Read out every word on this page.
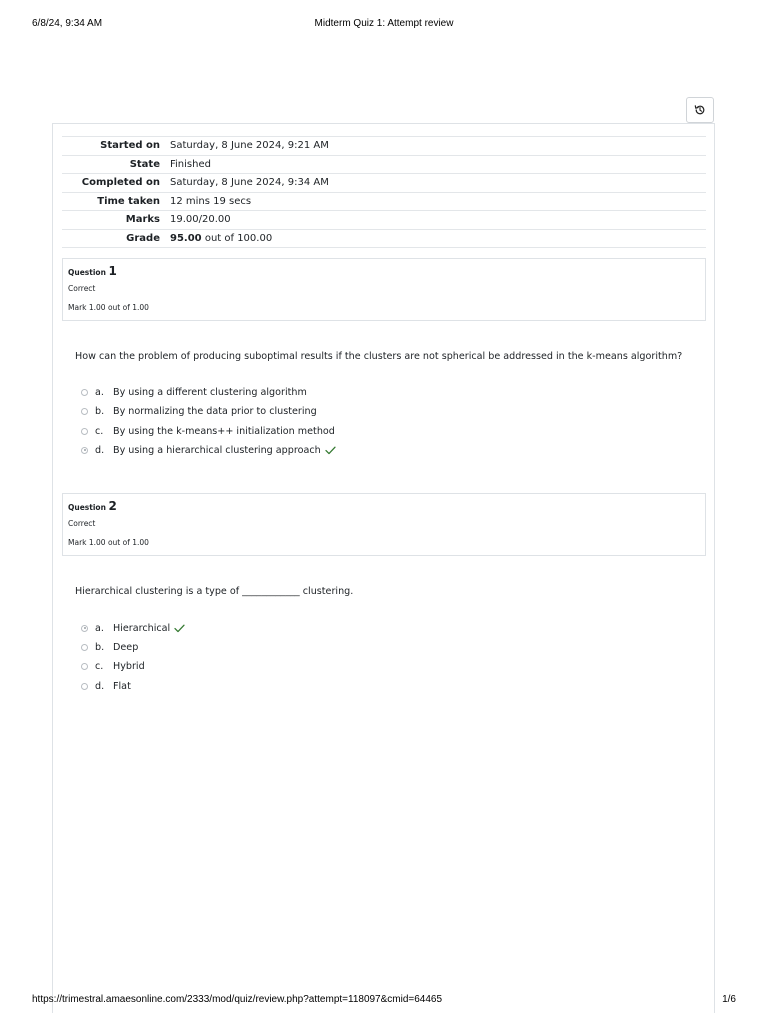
6/8/24, 9:34 AM	Midterm Quiz 1: Attempt review
Started on	Saturday, 8 June 2024, 9:21 AM
State	Finished
Completed on	Saturday, 8 June 2024, 9:34 AM
Time taken	12 mins 19 secs
Marks	19.00/20.00
Grade	95.00 out of 100.00
Question 1
Correct
Mark 1.00 out of 1.00
How can the problem of producing suboptimal results if the clusters are not spherical be addressed in the k-means algorithm?
a. By using a different clustering algorithm
b. By normalizing the data prior to clustering
c.	By using the k-means++ initialization method
d. By using a hierarchical clustering approach
Question 2
Correct
Mark 1.00 out of 1.00
Hierarchical clustering is a type of ____________ clustering.
a. Hierarchical
b. Deep
c.	Hybrid
d. Flat
https://trimestral.amaesonline.com/2333/mod/quiz/review.php?attempt=118097&cmid=64465	1/6
